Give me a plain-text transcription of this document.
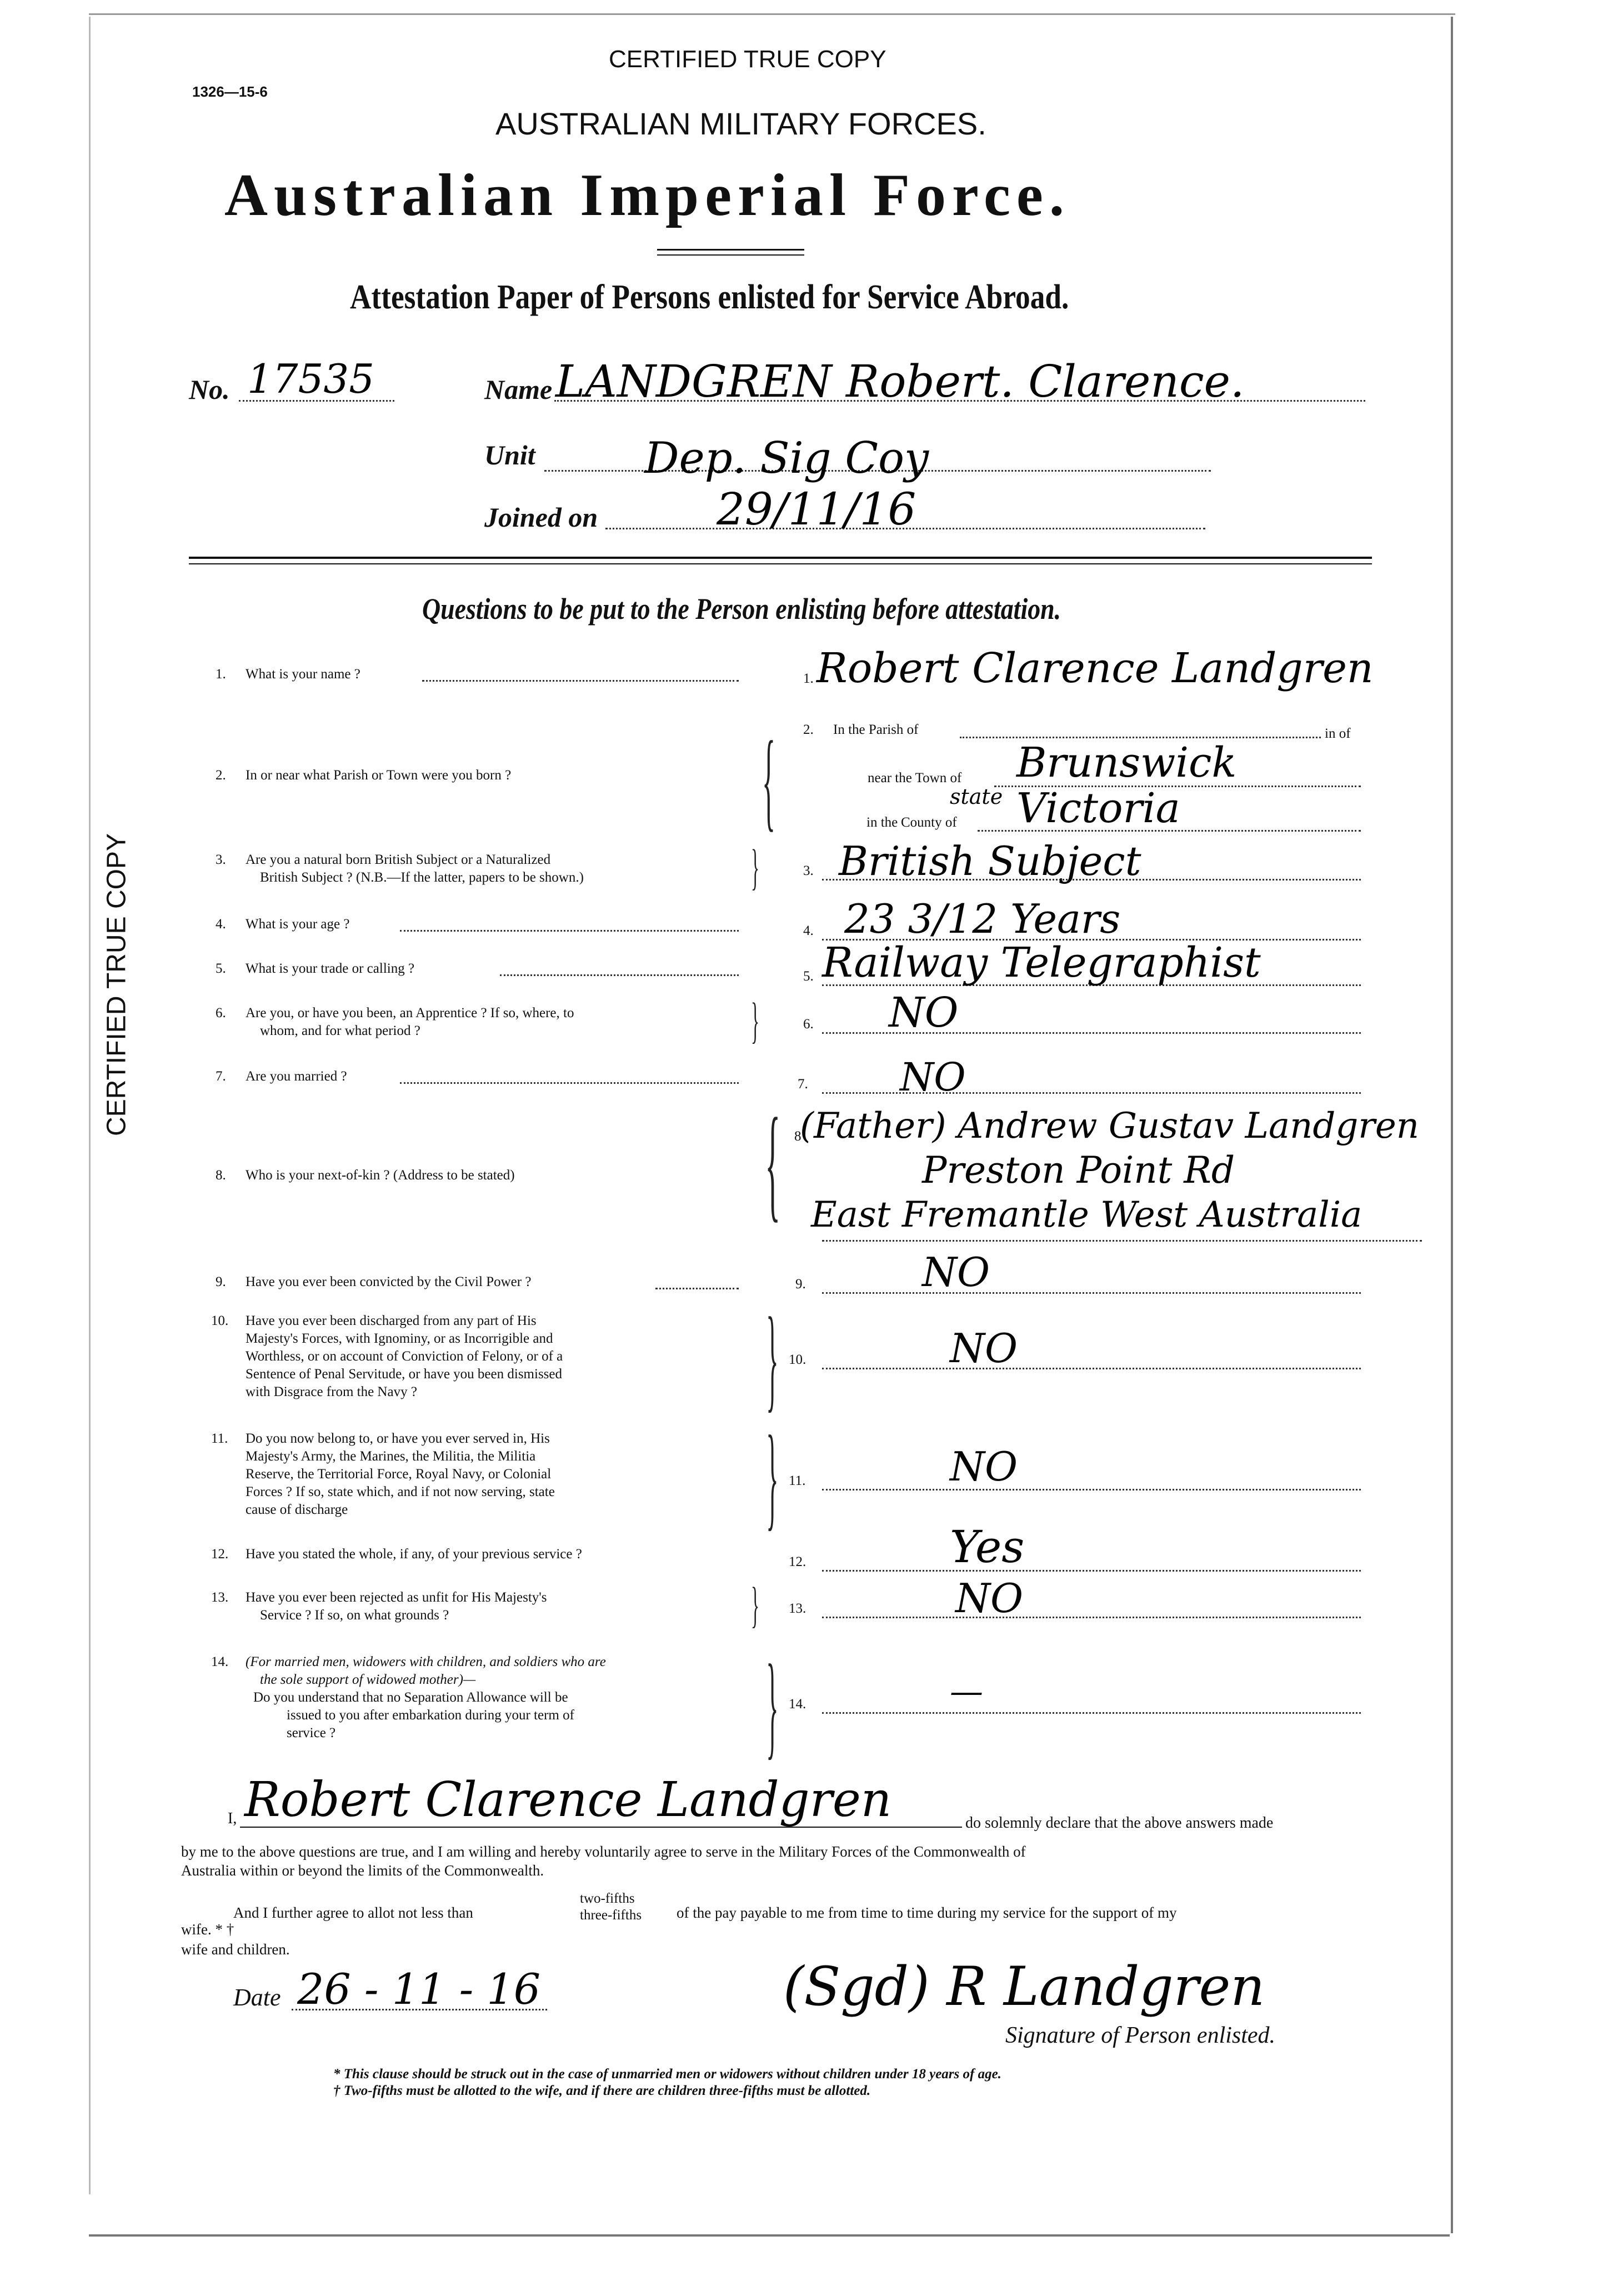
CERTIFIED TRUE COPY
1326—15-6
AUSTRALIAN MILITARY FORCES.
Australian Imperial Force.
Attestation Paper of Persons enlisted for Service Abroad.
CERTIFIED TRUE COPY
No. 17535	Name LANDGREN Robert. Clarence.
Unit	Dep. Sig Coy
Joined on	29/11/16
Questions to be put to the Person enlisting before attestation.
1. What is your name ?	1. Robert Clarence Landgren
2. In or near what Parish or Town were you born ? { 2. In the Parish of	in of
near the Town of Brunswick
state
in the County of Victoria
3. Are you a natural born British Subject or a Naturalized
British Subject ? (N.B.—If the latter, papers to be shown.)	}	3. British Subject
4. What is your age ?	4. 23 3/12 Years
5. What is your trade or calling ?
5. Railway Telegraphist
6. Are you, or have you been, an Apprentice ? If so, where, to
whom, and for what period ?	}	6. NO
7. Are you married ?
7. NO
8. Who is your next-of-kin ? (Address to be stated) { 8
(Father) Andrew Gustav Landgren
Preston Point Rd
East Fremantle West Australia
9. Have you ever been convicted by the Civil Power ?	9.	NO
10. Have you ever been discharged from any part of His
Majesty's Forces, with Ignominy, or as Incorrigible and
Worthless, or on account of Conviction of Felony, or of a
Sentence of Penal Servitude, or have you been dismissed
with Disgrace from the Navy ?	} 10.	NO
11. Do you now belong to, or have you ever served in, His
Majesty's Army, the Marines, the Militia, the Militia
Reserve, the Territorial Force, Royal Navy, or Colonial
Forces ? If so, state which, and if not now serving, state
cause of discharge	} 11.	NO
12. Have you stated the whole, if any, of your previous service ?
12.	Yes
13. Have you ever been rejected as unfit for His Majesty's
Service ? If so, on what grounds ?	} 13.	NO
14. (For married men, widowers with children, and soldiers who are
the sole support of widowed mother)—
Do you understand that no Separation Allowance will be
issued to you after embarkation during your term of
service ?	} 14.	—
I, Robert Clarence Landgren	do solemnly declare that the above answers made
by me to the above questions are true, and I am willing and hereby voluntarily agree to serve in the Military Forces of the Commonwealth of
Australia within or beyond the limits of the Commonwealth.
And I further agree to allot not less than
two-fifths
three-fifths of the pay payable to me from time to time during my service for the support of my
wife. * †
wife and children.
Date 26 - 11 - 16	(Sgd) R Landgren
Signature of Person enlisted.
* This clause should be struck out in the case of unmarried men or widowers without children under 18 years of age.
† Two-fifths must be allotted to the wife, and if there are children three-fifths must be allotted.
